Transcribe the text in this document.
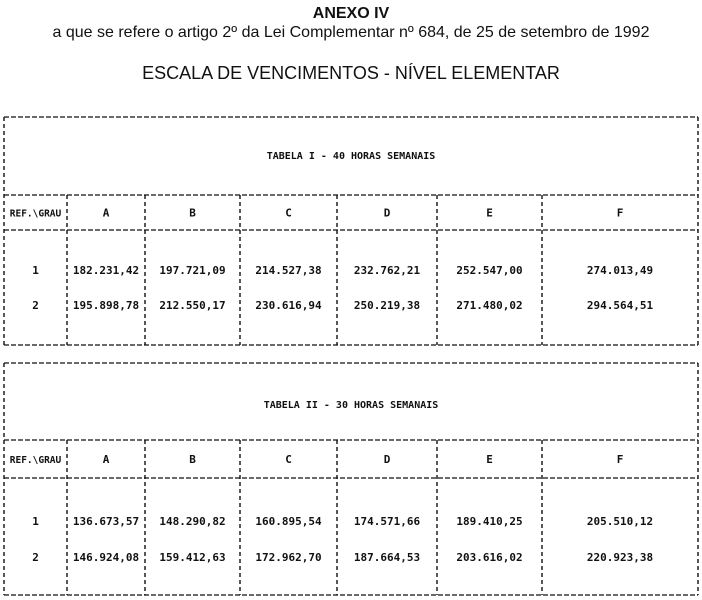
ANEXO IV
a que se refere o artigo 2º da Lei Complementar nº 684, de 25 de setembro de 1992
ESCALA DE VENCIMENTOS - NÍVEL ELEMENTAR
TABELA I - 40 HORAS SEMANAIS
REF.\GRAU	A	B	C	D	E	F
1	182.231,42 197.721,09	214.527,38	232.762,21	252.547,00	274.013,49
2	195.898,78 212.550,17	230.616,94	250.219,38	271.480,02	294.564,51
TABELA II - 30 HORAS SEMANAIS
REF.\GRAU	A	B	C	D	E	F
1	136.673,57 148.290,82	160.895,54	174.571,66	189.410,25	205.510,12
2	146.924,08 159.412,63	172.962,70	187.664,53	203.616,02	220.923,38
